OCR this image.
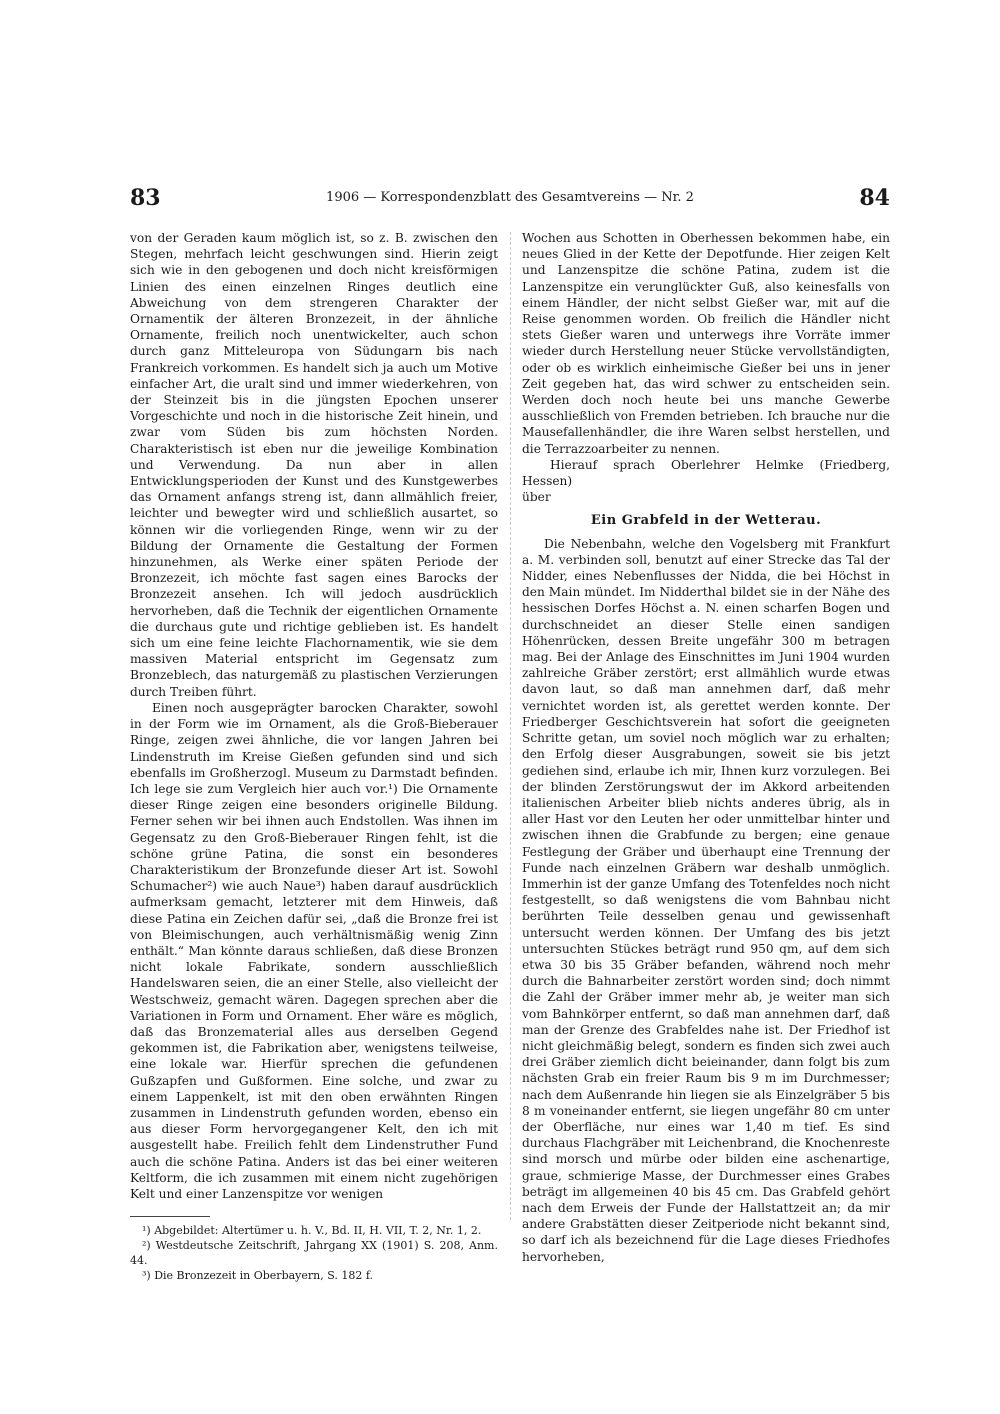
83	1906 — Korrespondenzblatt des Gesamtvereins — Nr. 2	84

von der Geraden kaum möglich ist, so z. B. zwischen den Stegen, mehrfach leicht geschwungen sind. Hierin zeigt sich wie in den gebogenen und doch nicht kreisförmigen Linien des einen einzelnen Ringes deutlich eine Abweichung von dem strengeren Charakter der Ornamentik der älteren Bronzezeit, in der ähnliche Ornamente, freilich noch unentwickelter, auch schon durch ganz Mitteleuropa von Südungarn bis nach Frankreich vorkommen. Es handelt sich ja auch um Motive einfacher Art, die uralt sind und immer wiederkehren, von der Steinzeit bis in die jüngsten Epochen unserer Vorgeschichte und noch in die historische Zeit hinein, und zwar vom Süden bis zum höchsten Norden. Charakteristisch ist eben nur die jeweilige Kombination und Verwendung. Da nun aber in allen Entwicklungsperioden der Kunst und des Kunstgewerbes das Ornament anfangs streng ist, dann allmählich freier, leichter und bewegter wird und schließlich ausartet, so können wir die vorliegenden Ringe, wenn wir zu der Bildung der Ornamente die Gestaltung der Formen hinzunehmen, als Werke einer späten Periode der Bronzezeit, ich möchte fast sagen eines Barocks der Bronzezeit ansehen. Ich will jedoch ausdrücklich hervorheben, daß die Technik der eigentlichen Ornamente die durchaus gute und richtige geblieben ist. Es handelt sich um eine feine leichte Flachornamentik, wie sie dem massiven Material entspricht im Gegensatz zum Bronzeblech, das naturgemäß zu plastischen Verzierungen durch Treiben führt.

Einen noch ausgeprägter barocken Charakter, sowohl in der Form wie im Ornament, als die Groß-Bieberauer Ringe, zeigen zwei ähnliche, die vor langen Jahren bei Lindenstruth im Kreise Gießen gefunden sind und sich ebenfalls im Großherzogl. Museum zu Darmstadt befinden. Ich lege sie zum Vergleich hier auch vor.¹) Die Ornamente dieser Ringe zeigen eine besonders originelle Bildung. Ferner sehen wir bei ihnen auch Endstollen. Was ihnen im Gegensatz zu den Groß-Bieberauer Ringen fehlt, ist die schöne grüne Patina, die sonst ein besonderes Charakteristikum der Bronzefunde dieser Art ist. Sowohl Schumacher²) wie auch Naue³) haben darauf ausdrücklich aufmerksam gemacht, letzterer mit dem Hinweis, daß diese Patina ein Zeichen dafür sei, „daß die Bronze frei ist von Bleimischungen, auch verhältnismäßig wenig Zinn enthält.“ Man könnte daraus schließen, daß diese Bronzen nicht lokale Fabrikate, sondern ausschließlich Handelswaren seien, die an einer Stelle, also vielleicht der Westschweiz, gemacht wären. Dagegen sprechen aber die Variationen in Form und Ornament. Eher wäre es möglich, daß das Bronzematerial alles aus derselben Gegend gekommen ist, die Fabrikation aber, wenigstens teilweise, eine lokale war. Hierfür sprechen die gefundenen Gußzapfen und Gußformen. Eine solche, und zwar zu einem Lappenkelt, ist mit den oben erwähnten Ringen zusammen in Lindenstruth gefunden worden, ebenso ein aus dieser Form hervorgegangener Kelt, den ich mit ausgestellt habe. Freilich fehlt dem Lindenstruther Fund auch die schöne Patina. Anders ist das bei einer weiteren Keltform, die ich zusammen mit einem nicht zugehörigen Kelt und einer Lanzenspitze vor wenigen

¹) Abgebildet: Altertümer u. h. V., Bd. II, H. VII, T. 2, Nr. 1, 2.

²) Westdeutsche Zeitschrift, Jahrgang XX (1901) S. 208, Anm. 44.

³) Die Bronzezeit in Oberbayern, S. 182 f.

Wochen aus Schotten in Oberhessen bekommen habe, ein neues Glied in der Kette der Depotfunde. Hier zeigen Kelt und Lanzenspitze die schöne Patina, zudem ist die Lanzenspitze ein verunglückter Guß, also keinesfalls von einem Händler, der nicht selbst Gießer war, mit auf die Reise genommen worden. Ob freilich die Händler nicht stets Gießer waren und unterwegs ihre Vorräte immer wieder durch Herstellung neuer Stücke vervollständigten, oder ob es wirklich einheimische Gießer bei uns in jener Zeit gegeben hat, das wird schwer zu entscheiden sein. Werden doch noch heute bei uns manche Gewerbe ausschließlich von Fremden betrieben. Ich brauche nur die Mausefallenhändler, die ihre Waren selbst herstellen, und die Terrazzoarbeiter zu nennen.

Hierauf sprach Oberlehrer Helmke (Friedberg, Hessen)

über

Ein Grabfeld in der Wetterau.

Die Nebenbahn, welche den Vogelsberg mit Frankfurt a. M. verbinden soll, benutzt auf einer Strecke das Tal der Nidder, eines Nebenflusses der Nidda, die bei Höchst in den Main mündet. Im Nidderthal bildet sie in der Nähe des hessischen Dorfes Höchst a. N. einen scharfen Bogen und durchschneidet an dieser Stelle einen sandigen Höhenrücken, dessen Breite ungefähr 300 m betragen mag. Bei der Anlage des Einschnittes im Juni 1904 wurden zahlreiche Gräber zerstört; erst allmählich wurde etwas davon laut, so daß man annehmen darf, daß mehr vernichtet worden ist, als gerettet werden konnte. Der Friedberger Geschichtsverein hat sofort die geeigneten Schritte getan, um soviel noch möglich war zu erhalten; den Erfolg dieser Ausgrabungen, soweit sie bis jetzt gediehen sind, erlaube ich mir, Ihnen kurz vorzulegen. Bei der blinden Zerstörungswut der im Akkord arbeitenden italienischen Arbeiter blieb nichts anderes übrig, als in aller Hast vor den Leuten her oder unmittelbar hinter und zwischen ihnen die Grabfunde zu bergen; eine genaue Festlegung der Gräber und überhaupt eine Trennung der Funde nach einzelnen Gräbern war deshalb unmöglich. Immerhin ist der ganze Umfang des Totenfeldes noch nicht festgestellt, so daß wenigstens die vom Bahnbau nicht berührten Teile desselben genau und gewissenhaft untersucht werden können. Der Umfang des bis jetzt untersuchten Stückes beträgt rund 950 qm, auf dem sich etwa 30 bis 35 Gräber befanden, während noch mehr durch die Bahnarbeiter zerstört worden sind; doch nimmt die Zahl der Gräber immer mehr ab, je weiter man sich vom Bahnkörper entfernt, so daß man annehmen darf, daß man der Grenze des Grabfeldes nahe ist. Der Friedhof ist nicht gleichmäßig belegt, sondern es finden sich zwei auch drei Gräber ziemlich dicht beieinander, dann folgt bis zum nächsten Grab ein freier Raum bis 9 m im Durchmesser; nach dem Außenrande hin liegen sie als Einzelgräber 5 bis 8 m voneinander entfernt, sie liegen ungefähr 80 cm unter der Oberfläche, nur eines war 1,40 m tief. Es sind durchaus Flachgräber mit Leichenbrand, die Knochenreste sind morsch und mürbe oder bilden eine aschenartige, graue, schmierige Masse, der Durchmesser eines Grabes beträgt im allgemeinen 40 bis 45 cm. Das Grabfeld gehört nach dem Erweis der Funde der Hallstattzeit an; da mir andere Grabstätten dieser Zeitperiode nicht bekannt sind, so darf ich als bezeichnend für die Lage dieses Friedhofes hervorheben,
